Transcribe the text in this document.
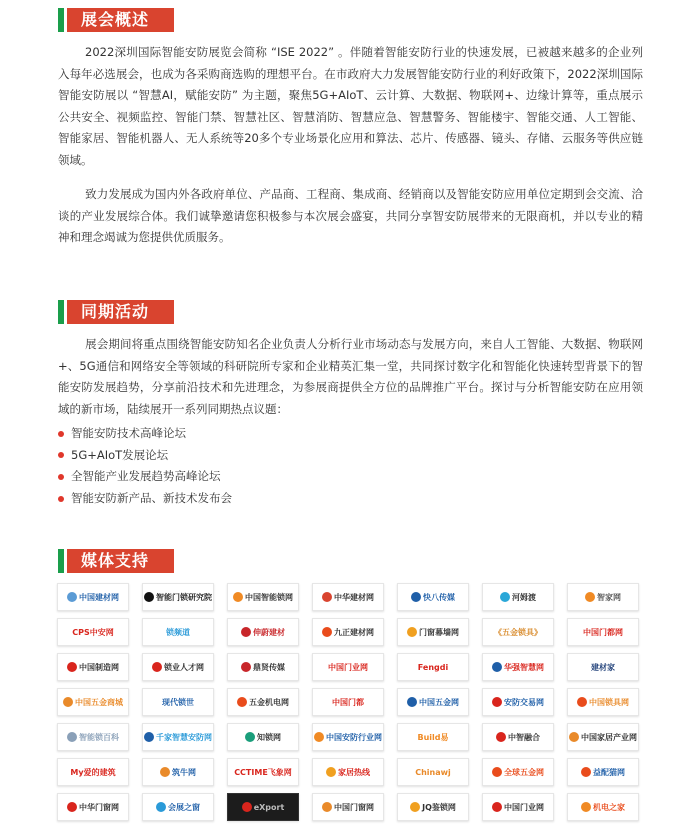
展会概述

2022深圳国际智能安防展览会简称 “ISE 2022” 。伴随着智能安防行业的快速发展，已被越来越多的企业列入每年必选展会，也成为各采购商选购的理想平台。在市政府大力发展智能安防行业的利好政策下，2022深圳国际智能安防展以 “智慧AI，赋能安防” 为主题，聚焦5G+AIoT、云计算、大数据、物联网+、边缘计算等，重点展示公共安全、视频监控、智能门禁、智慧社区、智慧消防、智慧应急、智慧警务、智能楼宇、智能交通、人工智能、智能家居、智能机器人、无人系统等20多个专业场景化应用和算法、芯片、传感器、镜头、存储、云服务等供应链领域。

致力发展成为国内外各政府单位、产品商、工程商、集成商、经销商以及智能安防应用单位定期到会交流、洽谈的产业发展综合体。我们诚挚邀请您积极参与本次展会盛宴，共同分享智安防展带来的无限商机，并以专业的精神和理念竭诚为您提供优质服务。

同期活动

展会期间将重点围绕智能安防知名企业负责人分析行业市场动态与发展方向，来自人工智能、大数据、物联网+、5G通信和网络安全等领域的科研院所专家和企业精英汇集一堂，共同探讨数字化和智能化快速转型背景下的智能安防发展趋势，分享前沿技术和先进理念，为参展商提供全方位的品牌推广平台。探讨与分析智能安防在应用领域的新市场，陆续展开一系列同期热点议题：

智能安防技术高峰论坛
5G+AIoT发展论坛
全智能产业发展趋势高峰论坛
智能安防新产品、新技术发布会
媒体支持
中国建材网	智能门锁研究院	中国智能锁网	中华建材网	快八传媒	河姆渡	智家网
CPS中安网	锁频道	伸蔚建材	九正建材网	门窗幕墙网	《五金锁具》	中国门都网
中国制造网	锁业人才网	鼎贤传媒	中国门业网	Fengdi	华强智慧网	建材家
中国五金商城	现代锁世	五金机电网	中国门都	中国五金网	安防交易网	中国锁具网
智能锁百科	千家智慧安防网	知锁网	中国安防行业网	Build易	中智融合	中国家居产业网
My爱的建筑	筑牛网	CCTIME飞象网	家居热线	Chinawj	全球五金网	益配猫网
中华门窗网	会展之窗	eXport	中国门窗网	JQ鉴锁网	中国门业网	机电之家
